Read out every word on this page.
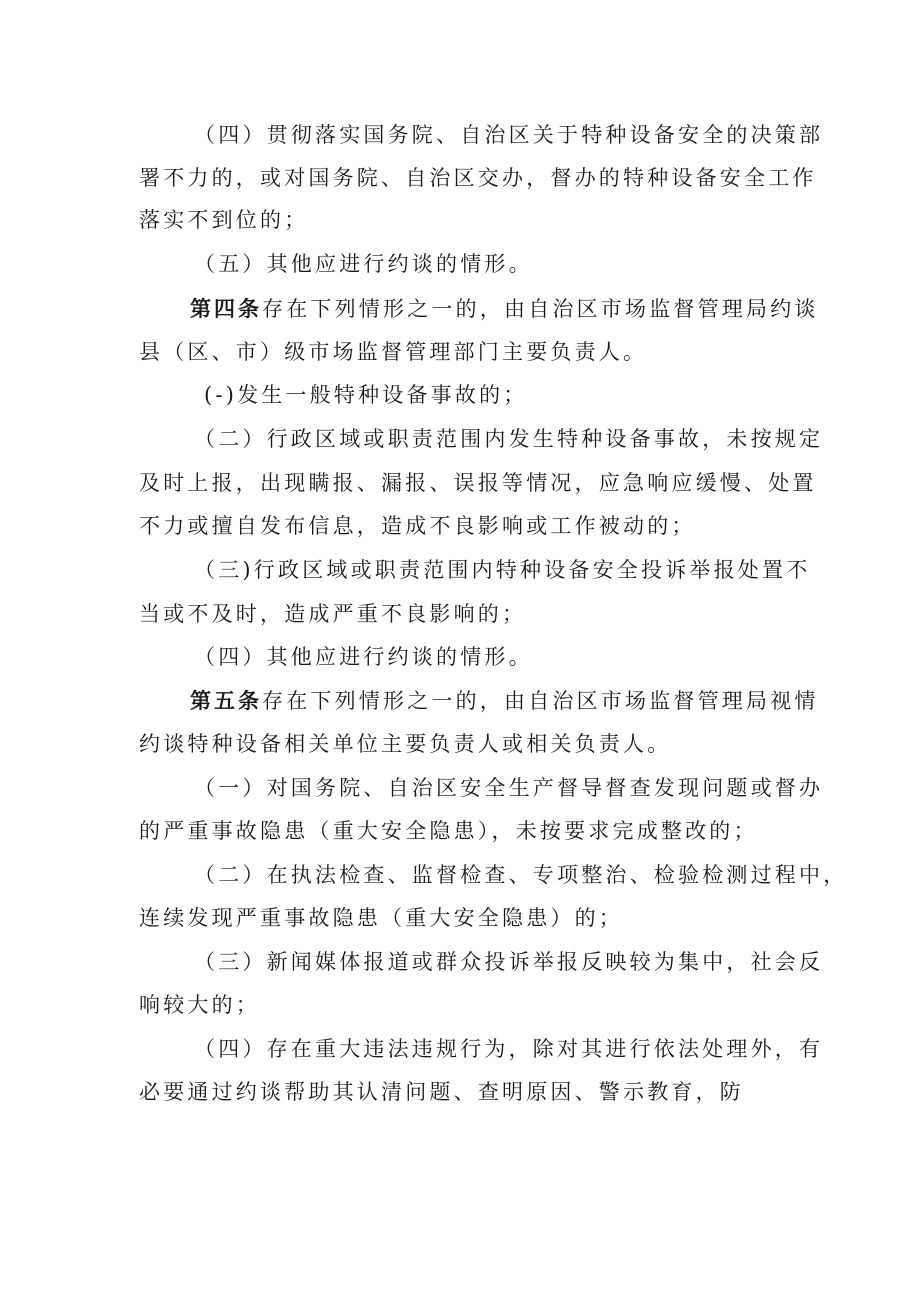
（四）贯彻落实国务院、自治区关于特种设备安全的决策部
署不力的，或对国务院、自治区交办，督办的特种设备安全工作
落实不到位的；
（五）其他应进行约谈的情形。
第四条存在下列情形之一的，由自治区市场监督管理局约谈
县（区、市）级市场监督管理部门主要负责人。
(-)发生一般特种设备事故的；
（二）行政区域或职责范围内发生特种设备事故，未按规定
及时上报，出现瞒报、漏报、误报等情况，应急响应缓慢、处置
不力或擅自发布信息，造成不良影响或工作被动的；
（三)行政区域或职责范围内特种设备安全投诉举报处置不
当或不及时，造成严重不良影响的；
（四）其他应进行约谈的情形。
第五条存在下列情形之一的，由自治区市场监督管理局视情
约谈特种设备相关单位主要负责人或相关负责人。
（一）对国务院、自治区安全生产督导督查发现问题或督办
的严重事故隐患（重大安全隐患），未按要求完成整改的；
（二）在执法检查、监督检查、专项整治、检验检测过程中，
连续发现严重事故隐患（重大安全隐患）的；
（三）新闻媒体报道或群众投诉举报反映较为集中，社会反
响较大的；
（四）存在重大违法违规行为，除对其进行依法处理外，有
必要通过约谈帮助其认清问题、查明原因、警示教育，防
